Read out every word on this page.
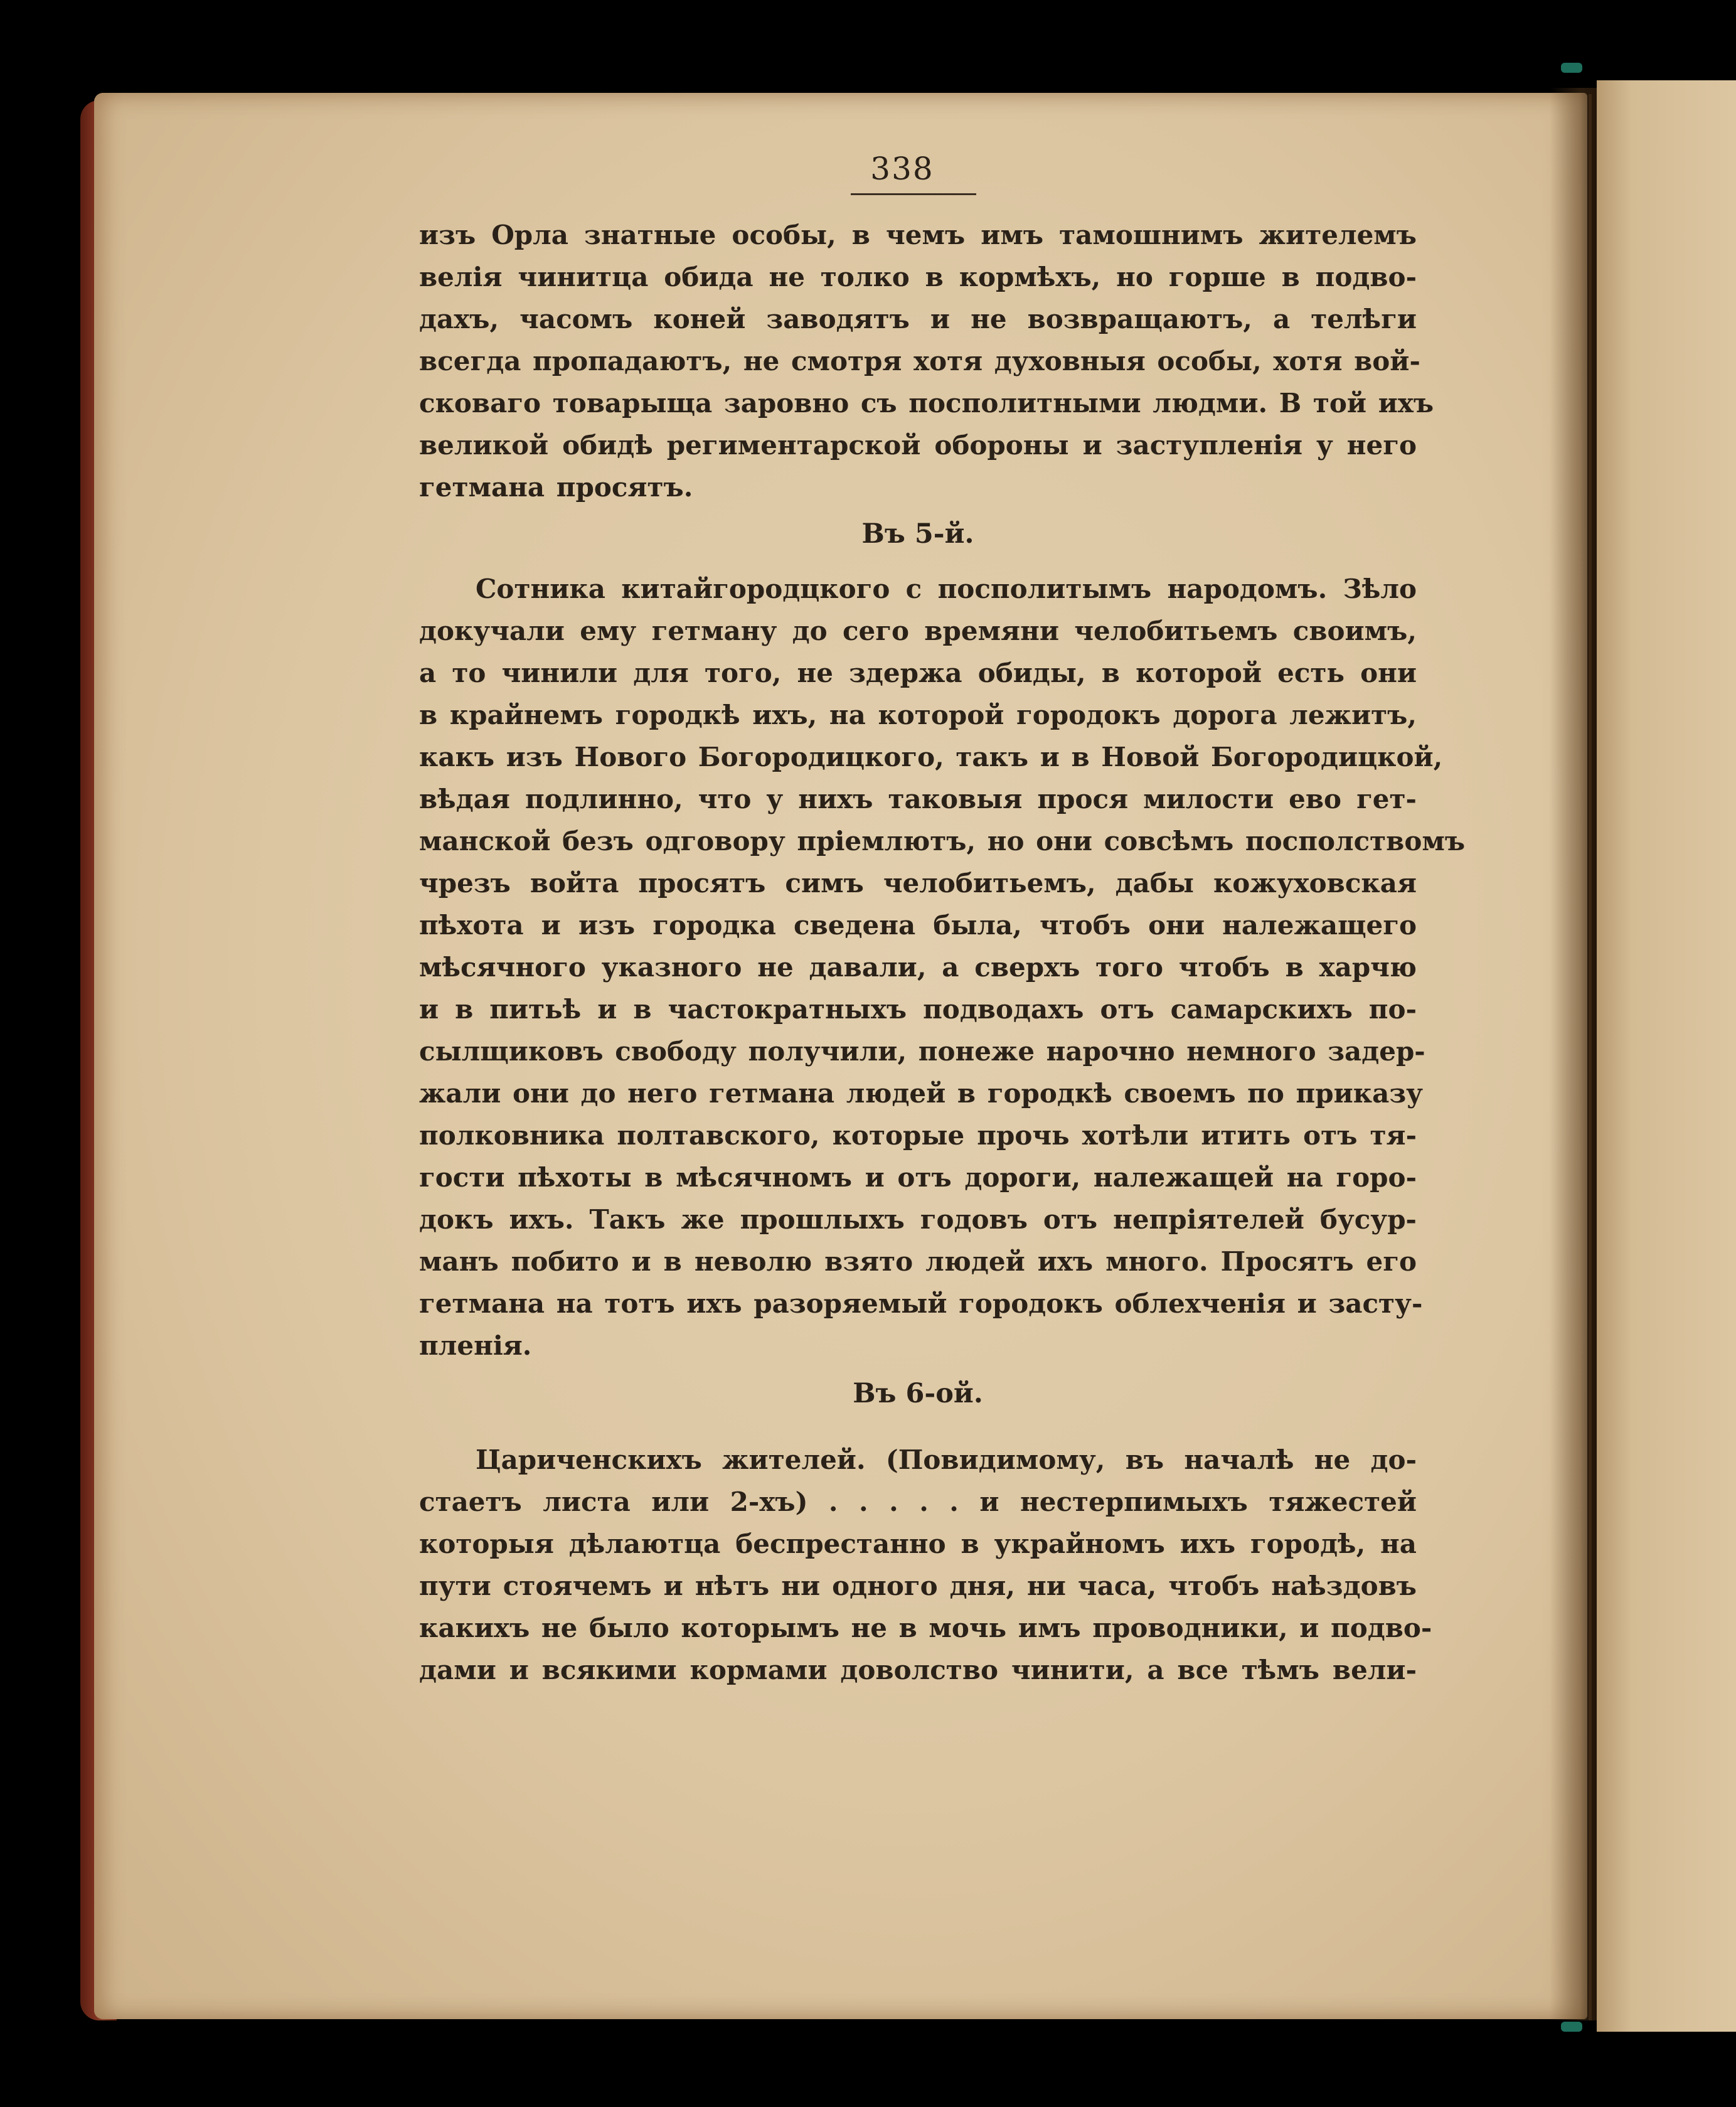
338
изъ Орла знатные особы, в чемъ имъ тамошнимъ жителемъ
велія чинитца обида не толко в кормѣхъ, но горше в подво-
дахъ, часомъ коней заводятъ и не возвращаютъ, а телѣги
всегда пропадаютъ, не смотря хотя духовныя особы, хотя вой-
сковаго товарыща заровно съ посполитными людми. В той ихъ
великой обидѣ региментарской обороны и заступленія у него
гетмана просятъ.
Въ 5-й.
Сотника китайгородцкого с посполитымъ народомъ. Зѣло
докучали ему гетману до сего времяни челобитьемъ своимъ,
а то чинили для того, не здержа обиды, в которой есть они
в крайнемъ городкѣ ихъ, на которой городокъ дорога лежитъ,
какъ изъ Нового Богородицкого, такъ и в Новой Богородицкой,
вѣдая подлинно, что у нихъ таковыя прося милости ево гет-
манской безъ одговору пріемлютъ, но они совсѣмъ посполствомъ
чрезъ войта просятъ симъ челобитьемъ, дабы кожуховская
пѣхота и изъ городка сведена была, чтобъ они належащего
мѣсячного указного не давали, а сверхъ того чтобъ в харчю
и в питьѣ и в частократныхъ подводахъ отъ самарскихъ по-
сылщиковъ свободу получили, понеже нарочно немного задер-
жали они до него гетмана людей в городкѣ своемъ по приказу
полковника полтавского, которые прочь хотѣли итить отъ тя-
гости пѣхоты в мѣсячномъ и отъ дороги, належащей на горо-
докъ ихъ. Такъ же прошлыхъ годовъ отъ непріятелей бусур-
манъ побито и в неволю взято людей ихъ много. Просятъ его
гетмана на тотъ ихъ разоряемый городокъ облехченія и засту-
пленія.
Въ 6-ой.
Цариченскихъ жителей. (Повидимому, въ началѣ не до-
стаетъ листа или 2-хъ) . . . . . и нестерпимыхъ тяжестей
которыя дѣлаютца беспрестанно в украйномъ ихъ городѣ, на
пути стоячемъ и нѣтъ ни одного дня, ни часа, чтобъ наѣздовъ
какихъ не было которымъ не в мочь имъ проводники, и подво-
дами и всякими кормами доволство чинити, а все тѣмъ вели-
